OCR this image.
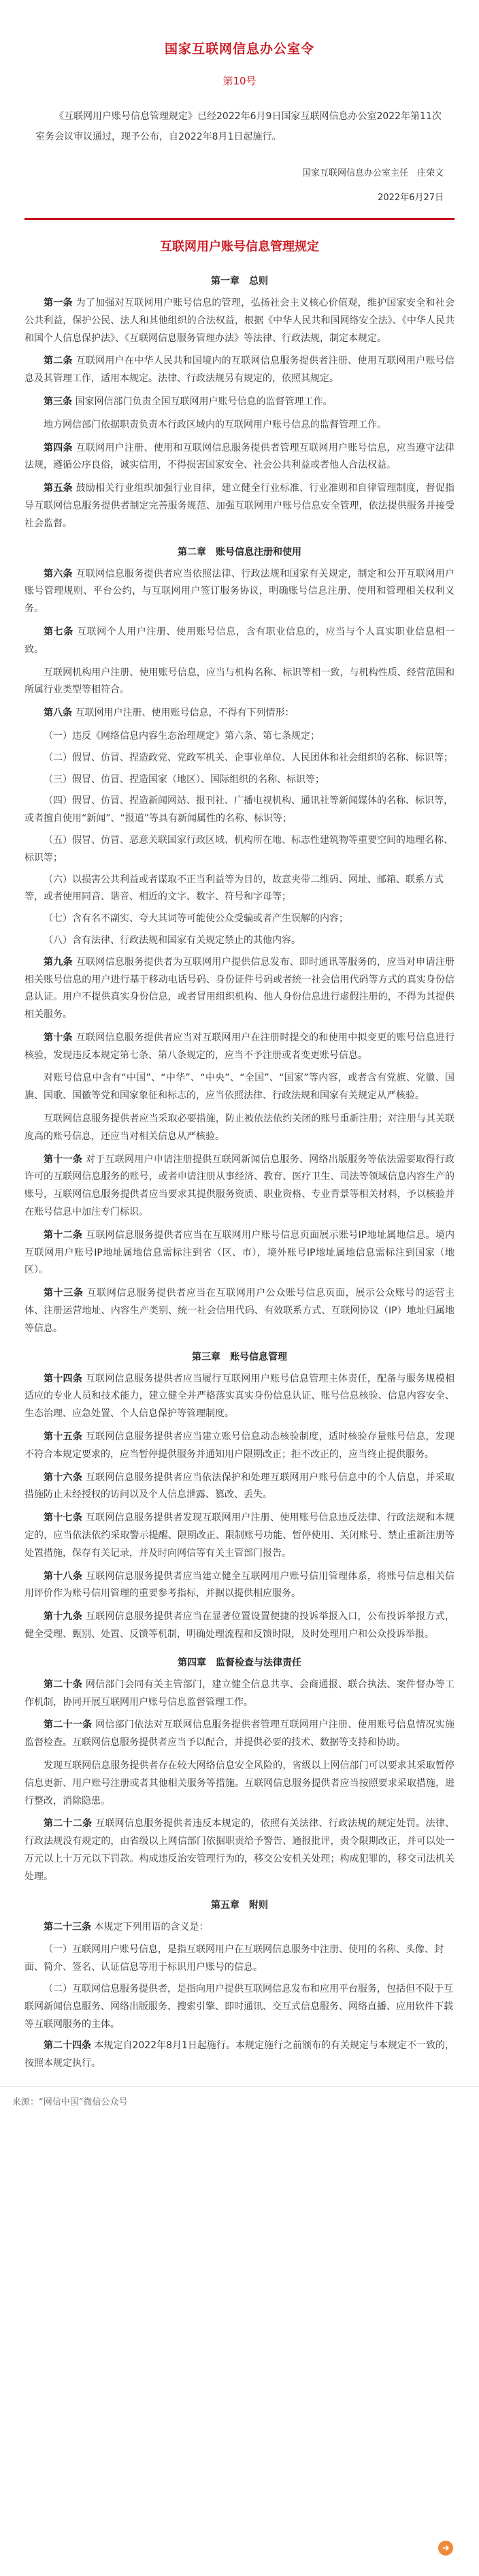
国家互联网信息办公室令
第10号
《互联网用户账号信息管理规定》已经2022年6月9日国家互联网信息办公室2022年第11次室务会议审议通过，现予公布，自2022年8月1日起施行。
国家互联网信息办公室主任　庄荣文
2022年6月27日
互联网用户账号信息管理规定
第一章　总则

第一条 为了加强对互联网用户账号信息的管理，弘扬社会主义核心价值观，维护国家安全和社会公共利益，保护公民、法人和其他组织的合法权益，根据《中华人民共和国网络安全法》、《中华人民共和国个人信息保护法》、《互联网信息服务管理办法》等法律、行政法规，制定本规定。

第二条 互联网用户在中华人民共和国境内的互联网信息服务提供者注册、使用互联网用户账号信息及其管理工作，适用本规定。法律、行政法规另有规定的，依照其规定。

第三条 国家网信部门负责全国互联网用户账号信息的监督管理工作。

地方网信部门依据职责负责本行政区域内的互联网用户账号信息的监督管理工作。

第四条 互联网用户注册、使用和互联网信息服务提供者管理互联网用户账号信息，应当遵守法律法规，遵循公序良俗，诚实信用，不得损害国家安全、社会公共利益或者他人合法权益。

第五条 鼓励相关行业组织加强行业自律，建立健全行业标准、行业准则和自律管理制度，督促指导互联网信息服务提供者制定完善服务规范、加强互联网用户账号信息安全管理，依法提供服务并接受社会监督。

第二章　账号信息注册和使用

第六条 互联网信息服务提供者应当依照法律、行政法规和国家有关规定，制定和公开互联网用户账号管理规则、平台公约，与互联网用户签订服务协议，明确账号信息注册、使用和管理相关权利义务。

第七条 互联网个人用户注册、使用账号信息，含有职业信息的，应当与个人真实职业信息相一致。

互联网机构用户注册、使用账号信息，应当与机构名称、标识等相一致，与机构性质、经营范围和所属行业类型等相符合。

第八条 互联网用户注册、使用账号信息，不得有下列情形：

（一）违反《网络信息内容生态治理规定》第六条、第七条规定；

（二）假冒、仿冒、捏造政党、党政军机关、企事业单位、人民团体和社会组织的名称、标识等；

（三）假冒、仿冒、捏造国家（地区）、国际组织的名称、标识等；

（四）假冒、仿冒、捏造新闻网站、报刊社、广播电视机构、通讯社等新闻媒体的名称、标识等，或者擅自使用“新闻”、“报道”等具有新闻属性的名称、标识等；

（五）假冒、仿冒、恶意关联国家行政区域、机构所在地、标志性建筑物等重要空间的地理名称、标识等；

（六）以损害公共利益或者谋取不正当利益等为目的，故意夹带二维码、网址、邮箱、联系方式等，或者使用同音、谐音、相近的文字、数字、符号和字母等；

（七）含有名不副实、夸大其词等可能使公众受骗或者产生误解的内容；

（八）含有法律、行政法规和国家有关规定禁止的其他内容。

第九条 互联网信息服务提供者为互联网用户提供信息发布、即时通讯等服务的，应当对申请注册相关账号信息的用户进行基于移动电话号码、身份证件号码或者统一社会信用代码等方式的真实身份信息认证。用户不提供真实身份信息，或者冒用组织机构、他人身份信息进行虚假注册的，不得为其提供相关服务。

第十条 互联网信息服务提供者应当对互联网用户在注册时提交的和使用中拟变更的账号信息进行核验，发现违反本规定第七条、第八条规定的，应当不予注册或者变更账号信息。

对账号信息中含有“中国”、“中华”、“中央”、“全国”、“国家”等内容，或者含有党旗、党徽、国旗、国歌、国徽等党和国家象征和标志的，应当依照法律、行政法规和国家有关规定从严核验。

互联网信息服务提供者应当采取必要措施，防止被依法依约关闭的账号重新注册；对注册与其关联度高的账号信息，还应当对相关信息从严核验。

第十一条 对于互联网用户申请注册提供互联网新闻信息服务、网络出版服务等依法需要取得行政许可的互联网信息服务的账号，或者申请注册从事经济、教育、医疗卫生、司法等领域信息内容生产的账号，互联网信息服务提供者应当要求其提供服务资质、职业资格、专业背景等相关材料，予以核验并在账号信息中加注专门标识。

第十二条 互联网信息服务提供者应当在互联网用户账号信息页面展示账号IP地址属地信息。境内互联网用户账号IP地址属地信息需标注到省（区、市），境外账号IP地址属地信息需标注到国家（地区）。

第十三条 互联网信息服务提供者应当在互联网用户公众账号信息页面，展示公众账号的运营主体、注册运营地址、内容生产类别、统一社会信用代码、有效联系方式、互联网协议（IP）地址归属地等信息。

第三章　账号信息管理

第十四条 互联网信息服务提供者应当履行互联网用户账号信息管理主体责任，配备与服务规模相适应的专业人员和技术能力，建立健全并严格落实真实身份信息认证、账号信息核验、信息内容安全、生态治理、应急处置、个人信息保护等管理制度。

第十五条 互联网信息服务提供者应当建立账号信息动态核验制度，适时核验存量账号信息，发现不符合本规定要求的，应当暂停提供服务并通知用户限期改正；拒不改正的，应当终止提供服务。

第十六条 互联网信息服务提供者应当依法保护和处理互联网用户账号信息中的个人信息，并采取措施防止未经授权的访问以及个人信息泄露、篡改、丢失。

第十七条 互联网信息服务提供者发现互联网用户注册、使用账号信息违反法律、行政法规和本规定的，应当依法依约采取警示提醒、限期改正、限制账号功能、暂停使用、关闭账号、禁止重新注册等处置措施，保存有关记录，并及时向网信等有关主管部门报告。

第十八条 互联网信息服务提供者应当建立健全互联网用户账号信用管理体系，将账号信息相关信用评价作为账号信用管理的重要参考指标，并据以提供相应服务。

第十九条 互联网信息服务提供者应当在显著位置设置便捷的投诉举报入口，公布投诉举报方式，健全受理、甄别、处置、反馈等机制，明确处理流程和反馈时限，及时处理用户和公众投诉举报。

第四章　监督检查与法律责任

第二十条 网信部门会同有关主管部门，建立健全信息共享、会商通报、联合执法、案件督办等工作机制，协同开展互联网用户账号信息监督管理工作。

第二十一条 网信部门依法对互联网信息服务提供者管理互联网用户注册、使用账号信息情况实施监督检查。互联网信息服务提供者应当予以配合，并提供必要的技术、数据等支持和协助。

发现互联网信息服务提供者存在较大网络信息安全风险的，省级以上网信部门可以要求其采取暂停信息更新、用户账号注册或者其他相关服务等措施。互联网信息服务提供者应当按照要求采取措施，进行整改，消除隐患。

第二十二条 互联网信息服务提供者违反本规定的，依照有关法律、行政法规的规定处罚。法律、行政法规没有规定的，由省级以上网信部门依据职责给予警告、通报批评，责令限期改正，并可以处一万元以上十万元以下罚款。构成违反治安管理行为的，移交公安机关处理；构成犯罪的，移交司法机关处理。

第五章　附则

第二十三条 本规定下列用语的含义是：

（一）互联网用户账号信息，是指互联网用户在互联网信息服务中注册、使用的名称、头像、封面、简介、签名、认证信息等用于标识用户账号的信息。

（二）互联网信息服务提供者，是指向用户提供互联网信息发布和应用平台服务，包括但不限于互联网新闻信息服务、网络出版服务、搜索引擎、即时通讯、交互式信息服务、网络直播、应用软件下载等互联网服务的主体。

第二十四条 本规定自2022年8月1日起施行。本规定施行之前颁布的有关规定与本规定不一致的，按照本规定执行。

来源：“网信中国”微信公众号
